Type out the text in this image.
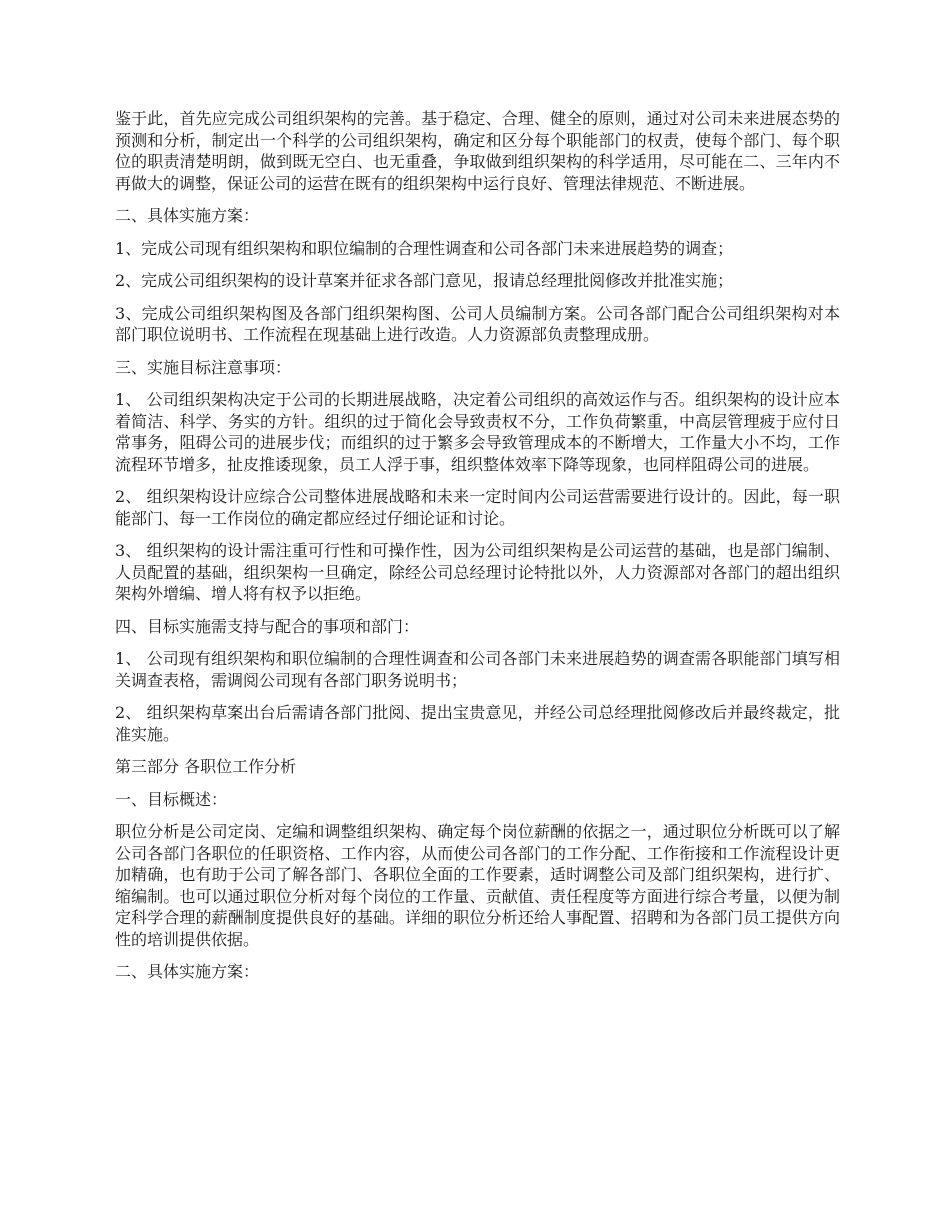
鉴于此，首先应完成公司组织架构的完善。基于稳定、合理、健全的原则，通过对公司未来进展态势的预测和分析，制定出一个科学的公司组织架构，确定和区分每个职能部门的权责，使每个部门、每个职位的职责清楚明朗，做到既无空白、也无重叠，争取做到组织架构的科学适用，尽可能在二、三年内不再做大的调整，保证公司的运营在既有的组织架构中运行良好、管理法律规范、不断进展。

二、具体实施方案：

1、完成公司现有组织架构和职位编制的合理性调查和公司各部门未来进展趋势的调查；

2、完成公司组织架构的设计草案并征求各部门意见，报请总经理批阅修改并批准实施；

3、完成公司组织架构图及各部门组织架构图、公司人员编制方案。公司各部门配合公司组织架构对本部门职位说明书、工作流程在现基础上进行改造。人力资源部负责整理成册。

三、实施目标注意事项：

1、 公司组织架构决定于公司的长期进展战略，决定着公司组织的高效运作与否。组织架构的设计应本着简洁、科学、务实的方针。组织的过于简化会导致责权不分，工作负荷繁重，中高层管理疲于应付日常事务，阻碍公司的进展步伐；而组织的过于繁多会导致管理成本的不断增大，工作量大小不均，工作流程环节增多，扯皮推诿现象，员工人浮于事，组织整体效率下降等现象，也同样阻碍公司的进展。

2、 组织架构设计应综合公司整体进展战略和未来一定时间内公司运营需要进行设计的。因此，每一职能部门、每一工作岗位的确定都应经过仔细论证和讨论。

3、 组织架构的设计需注重可行性和可操作性，因为公司组织架构是公司运营的基础，也是部门编制、人员配置的基础，组织架构一旦确定，除经公司总经理讨论特批以外，人力资源部对各部门的超出组织架构外增编、增人将有权予以拒绝。

四、目标实施需支持与配合的事项和部门：

1、 公司现有组织架构和职位编制的合理性调查和公司各部门未来进展趋势的调查需各职能部门填写相关调查表格，需调阅公司现有各部门职务说明书；

2、 组织架构草案出台后需请各部门批阅、提出宝贵意见，并经公司总经理批阅修改后并最终裁定，批准实施。

第三部分 各职位工作分析

一、目标概述：

职位分析是公司定岗、定编和调整组织架构、确定每个岗位薪酬的依据之一，通过职位分析既可以了解公司各部门各职位的任职资格、工作内容，从而使公司各部门的工作分配、工作衔接和工作流程设计更加精确，也有助于公司了解各部门、各职位全面的工作要素，适时调整公司及部门组织架构，进行扩、缩编制。也可以通过职位分析对每个岗位的工作量、贡献值、责任程度等方面进行综合考量，以便为制定科学合理的薪酬制度提供良好的基础。详细的职位分析还给人事配置、招聘和为各部门员工提供方向性的培训提供依据。

二、具体实施方案：
